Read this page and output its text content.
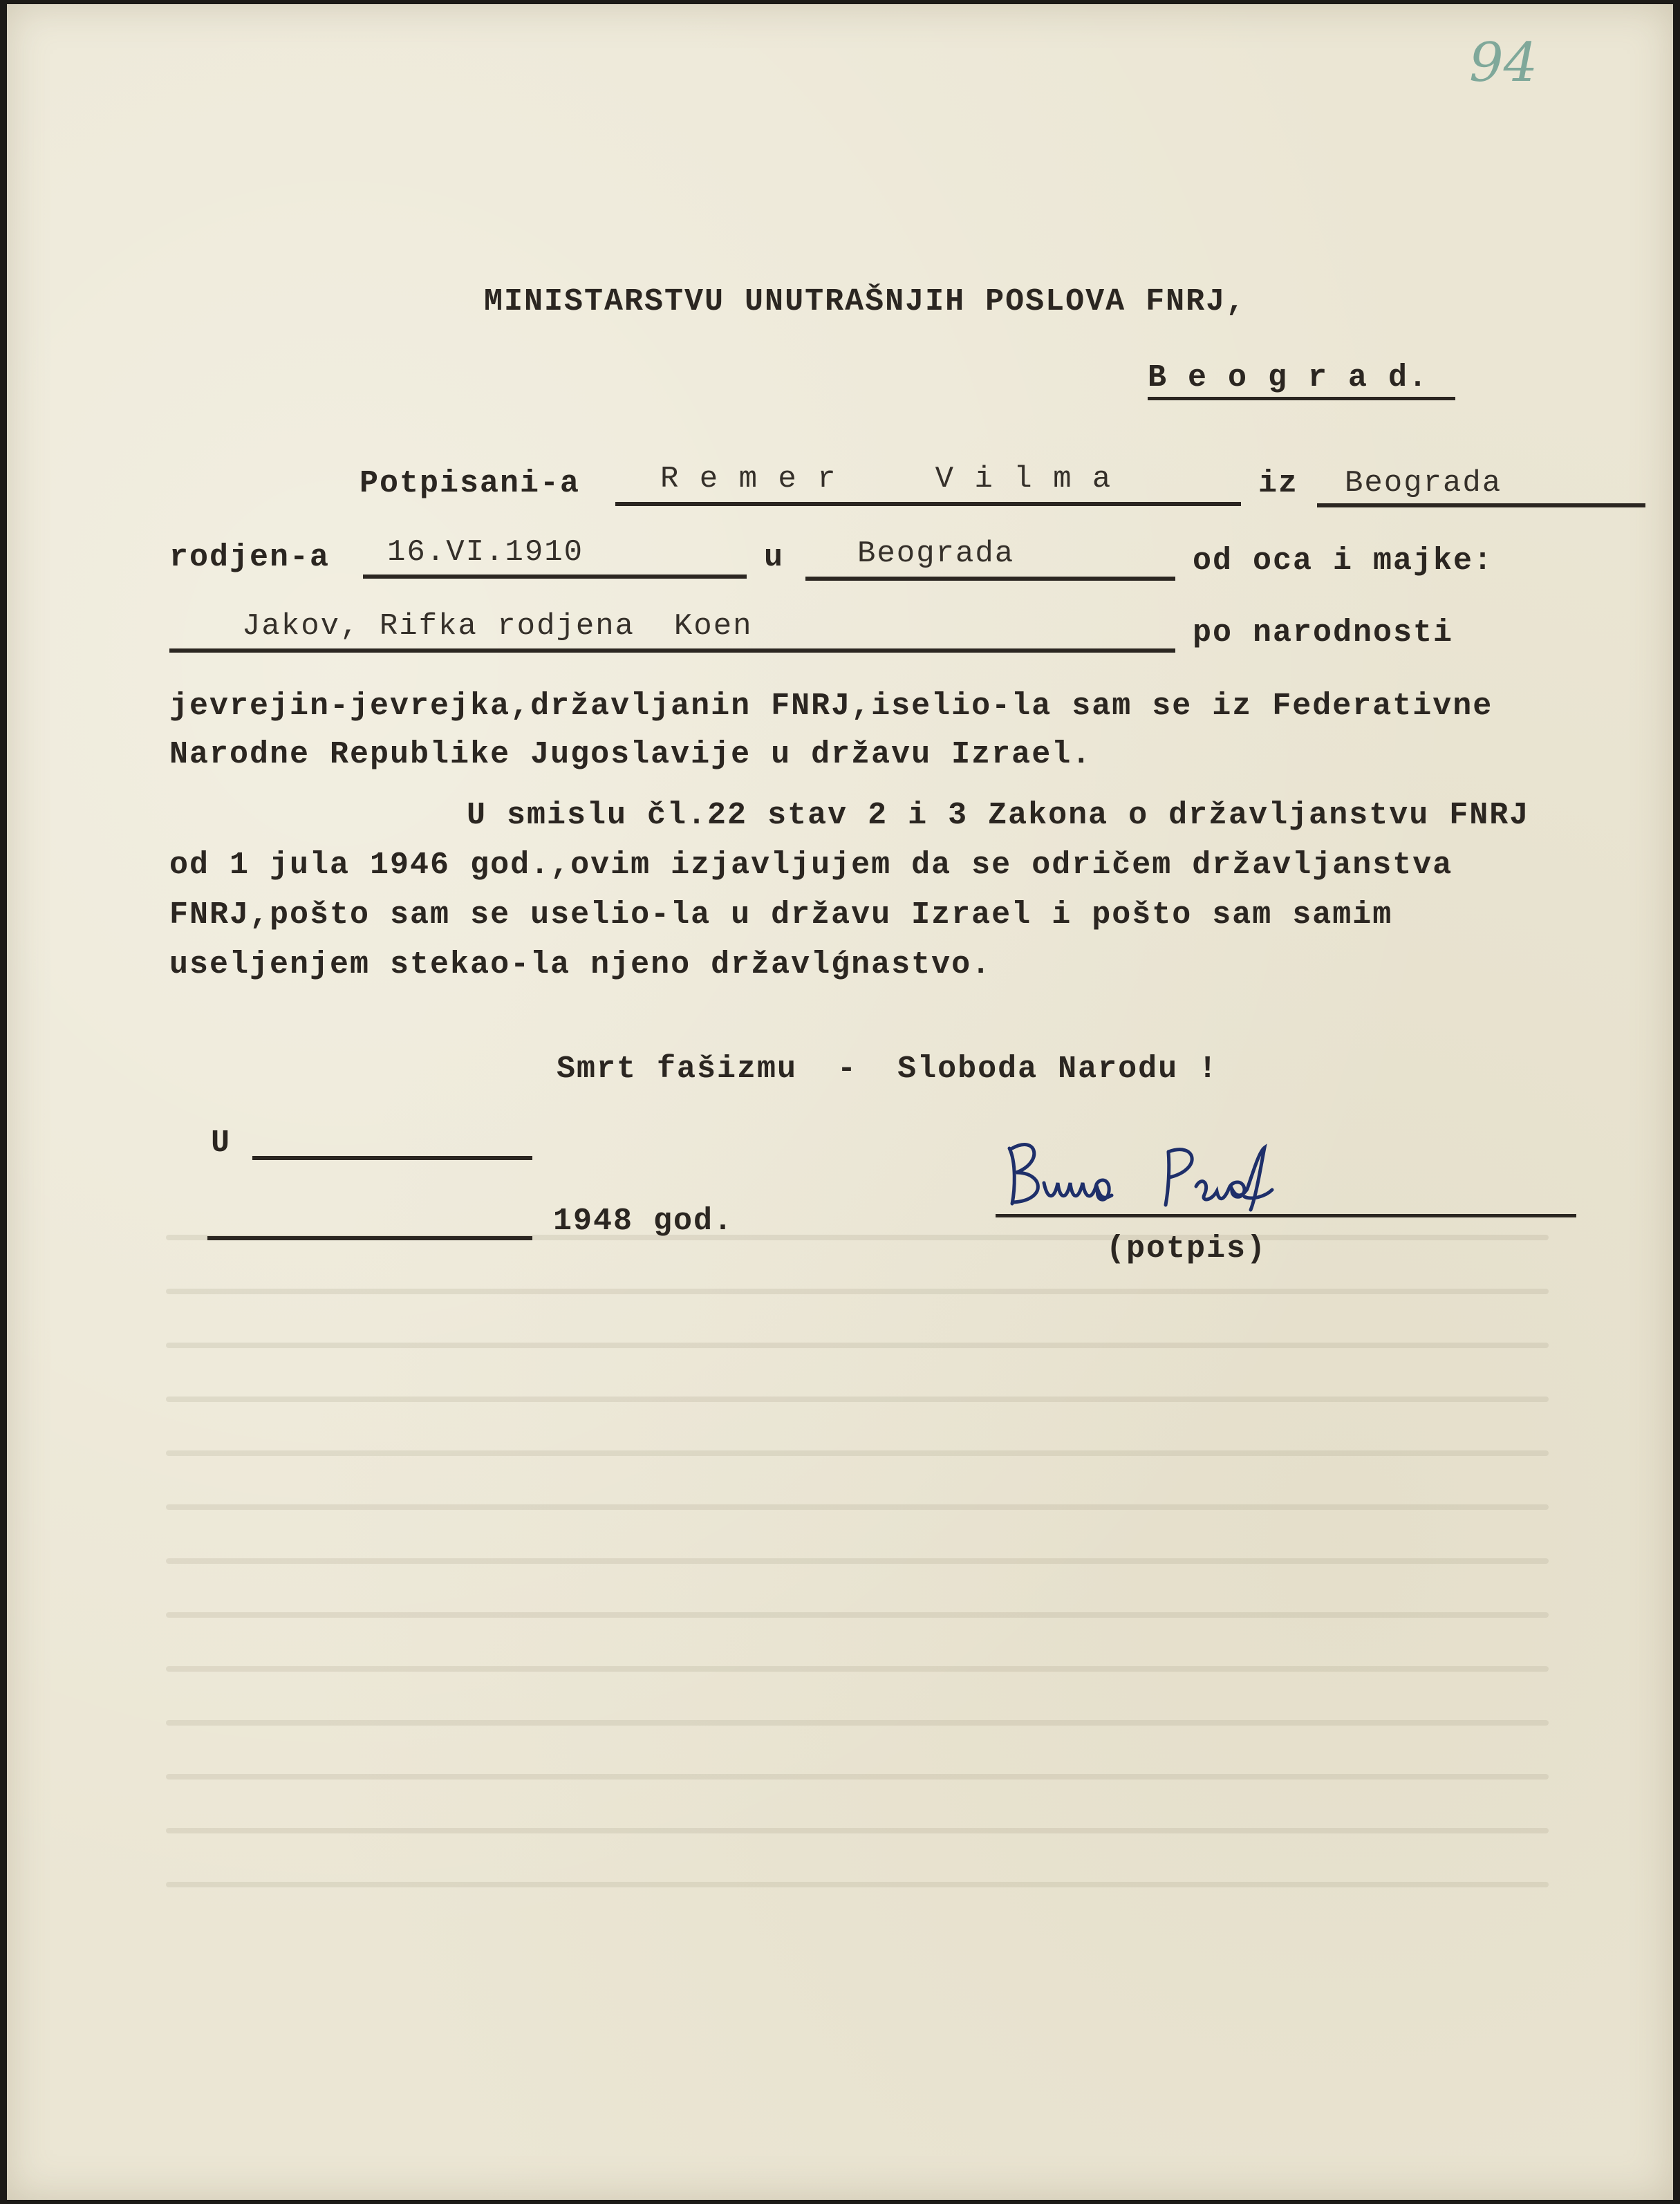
94
MINISTARSTVU UNUTRAŠNJIH POSLOVA FNRJ,
B e o g r a d.
Potpisani-a	R e m e r     V i l m a	iz Beograda
rodjen-a 16.VI.1910	u Beograda	od oca i majke:
Jakov, Rifka rodjena  Koen	po narodnosti
jevrejin-jevrejka,državljanin FNRJ,iselio-la sam se iz Federativne
Narodne Republike Jugoslavije u državu Izrael.
U smislu čl.22 stav 2 i 3 Zakona o državljanstvu FNRJ
od 1 jula 1946 god.,ovim izjavljujem da se odričem državljanstva
FNRJ,pošto sam se uselio-la u državu Izrael i pošto sam samim
useljenjem stekao-la njeno državlǵnastvo.
Smrt fašizmu  -  Sloboda Narodu !
U
1948 god.
(potpis)
